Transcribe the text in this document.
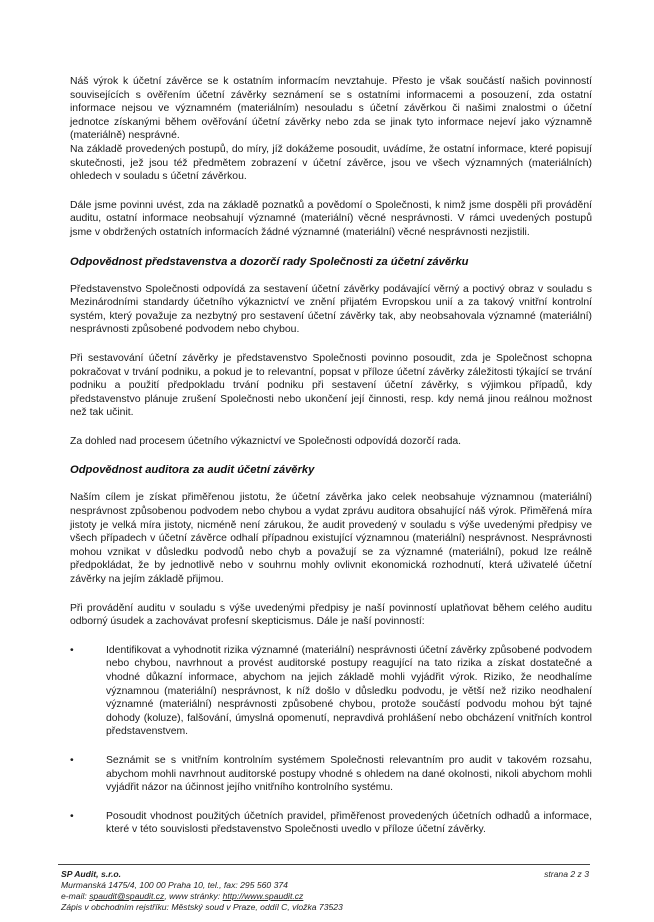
Náš výrok k účetní závěrce se k ostatním informacím nevztahuje. Přesto je však součástí našich povinností souvisejících s ověřením účetní závěrky seznámení se s ostatními informacemi a posouzení, zda ostatní informace nejsou ve významném (materiálním) nesouladu s účetní závěrkou či našimi znalostmi o účetní jednotce získanými během ověřování účetní závěrky nebo zda se jinak tyto informace nejeví jako významně (materiálně) nesprávné.

Na základě provedených postupů, do míry, jíž dokážeme posoudit, uvádíme, že ostatní informace, které popisují skutečnosti, jež jsou též předmětem zobrazení v účetní závěrce, jsou ve všech významných (materiálních) ohledech v souladu s účetní závěrkou.

Dále jsme povinni uvést, zda na základě poznatků a povědomí o Společnosti, k nimž jsme dospěli při provádění auditu, ostatní informace neobsahují významné (materiální) věcné nesprávnosti. V rámci uvedených postupů jsme v obdržených ostatních informacích žádné významné (materiální) věcné nesprávnosti nezjistili.

Odpovědnost představenstva a dozorčí rady Společnosti za účetní závěrku

Představenstvo Společnosti odpovídá za sestavení účetní závěrky podávající věrný a poctivý obraz v souladu s Mezinárodními standardy účetního výkaznictví ve znění přijatém Evropskou unií a za takový vnitřní kontrolní systém, který považuje za nezbytný pro sestavení účetní závěrky tak, aby neobsahovala významné (materiální) nesprávnosti způsobené podvodem nebo chybou.

Při sestavování účetní závěrky je představenstvo Společnosti povinno posoudit, zda je Společnost schopna pokračovat v trvání podniku, a pokud je to relevantní, popsat v příloze účetní závěrky záležitosti týkající se trvání podniku a použití předpokladu trvání podniku při sestavení účetní závěrky, s výjimkou případů, kdy představenstvo plánuje zrušení Společnosti nebo ukončení její činnosti, resp. kdy nemá jinou reálnou možnost než tak učinit.

Za dohled nad procesem účetního výkaznictví ve Společnosti odpovídá dozorčí rada.

Odpovědnost auditora za audit účetní závěrky

Naším cílem je získat přiměřenou jistotu, že účetní závěrka jako celek neobsahuje významnou (materiální) nesprávnost způsobenou podvodem nebo chybou a vydat zprávu auditora obsahující náš výrok. Přiměřená míra jistoty je velká míra jistoty, nicméně není zárukou, že audit provedený v souladu s výše uvedenými předpisy ve všech případech v účetní závěrce odhalí případnou existující významnou (materiální) nesprávnost. Nesprávnosti mohou vznikat v důsledku podvodů nebo chyb a považují se za významné (materiální), pokud lze reálně předpokládat, že by jednotlivě nebo v souhrnu mohly ovlivnit ekonomická rozhodnutí, která uživatelé účetní závěrky na jejím základě přijmou.

Při provádění auditu v souladu s výše uvedenými předpisy je naší povinností uplatňovat během celého auditu odborný úsudek a zachovávat profesní skepticismus. Dále je naší povinností:

•	Identifikovat a vyhodnotit rizika významné (materiální) nesprávnosti účetní závěrky způsobené podvodem nebo chybou, navrhnout a provést auditorské postupy reagující na tato rizika a získat dostatečné a vhodné důkazní informace, abychom na jejich základě mohli vyjádřit výrok. Riziko, že neodhalíme významnou (materiální) nesprávnost, k níž došlo v důsledku podvodu, je větší než riziko neodhalení významné (materiální) nesprávnosti způsobené chybou, protože součástí podvodu mohou být tajné dohody (koluze), falšování, úmyslná opomenutí, nepravdivá prohlášení nebo obcházení vnitřních kontrol představenstvem.
•	Seznámit se s vnitřním kontrolním systémem Společnosti relevantním pro audit v takovém rozsahu, abychom mohli navrhnout auditorské postupy vhodné s ohledem na dané okolnosti, nikoli abychom mohli vyjádřit názor na účinnost jejího vnitřního kontrolního systému.
•	Posoudit vhodnost použitých účetních pravidel, přiměřenost provedených účetních odhadů a informace, které v této souvislosti představenstvo Společnosti uvedlo v příloze účetní závěrky.
SP Audit, s.r.o.
Murmanská 1475/4, 100 00 Praha 10, tel., fax: 295 560 374
e-mail: spaudit@spaudit.cz, www stránky: http://www.spaudit.cz
Zápis v obchodním rejstříku: Městský soud v Praze, oddíl C, vložka 73523
strana 2 z 3
